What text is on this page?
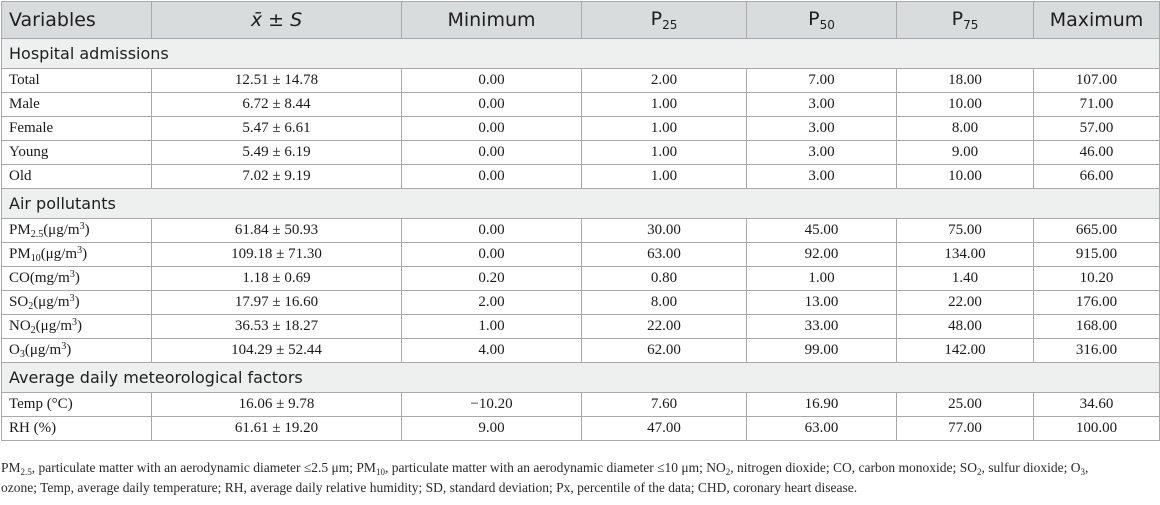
Variables	x̄ ± S	Minimum	$P_{25}$	$P_{50}$	$P_{75}$	Maximum
Hospital admissions						
Total	12.51 ± 14.78	0.00	2.00	7.00	18.00	107.00
Male	6.72 ± 8.44	0.00	1.00	3.00	10.00	71.00
Female	5.47 ± 6.61	0.00	1.00	3.00	8.00	57.00
Young	5.49 ± 6.19	0.00	1.00	3.00	9.00	46.00
Old	7.02 ± 9.19	0.00	1.00	3.00	10.00	66.00
Air pollutants						
$PM_{2.5}(\mu g/m^3)$	61.84 ± 50.93	0.00	30.00	45.00	75.00	665.00
$PM_{10}(\mu g/m^3)$	109.18 ± 71.30	0.00	63.00	92.00	134.00	915.00
$CO(mg/m^3)$	1.18 ± 0.69	0.20	0.80	1.00	1.40	10.20
$SO_2(\mu g/m^3)$	17.97 ± 16.60	2.00	8.00	13.00	22.00	176.00
$NO_2(\mu g/m^3)$	36.53 ± 18.27	1.00	22.00	33.00	48.00	168.00
$O_3(\mu g/m^3)$	104.29 ± 52.44	4.00	62.00	99.00	142.00	316.00
Average daily meteorological factors						
Temp (°C)	16.06 ± 9.78	−10.20	7.60	16.90	25.00	34.60
RH (%)	61.61 ± 19.20	9.00	47.00	63.00	77.00	100.00
$PM_{2.5}$, particulate matter with an aerodynamic diameter ≤2.5 μm; $PM_{10}$, particulate matter with an aerodynamic diameter ≤10 μm; $NO_2$, nitrogen dioxide; CO, carbon monoxide; $SO_2$, sulfur dioxide; $O_3$, ozone; Temp, average daily temperature; RH, average daily relative humidity; SD, standard deviation; Px, percentile of the data; CHD, coronary heart disease.
